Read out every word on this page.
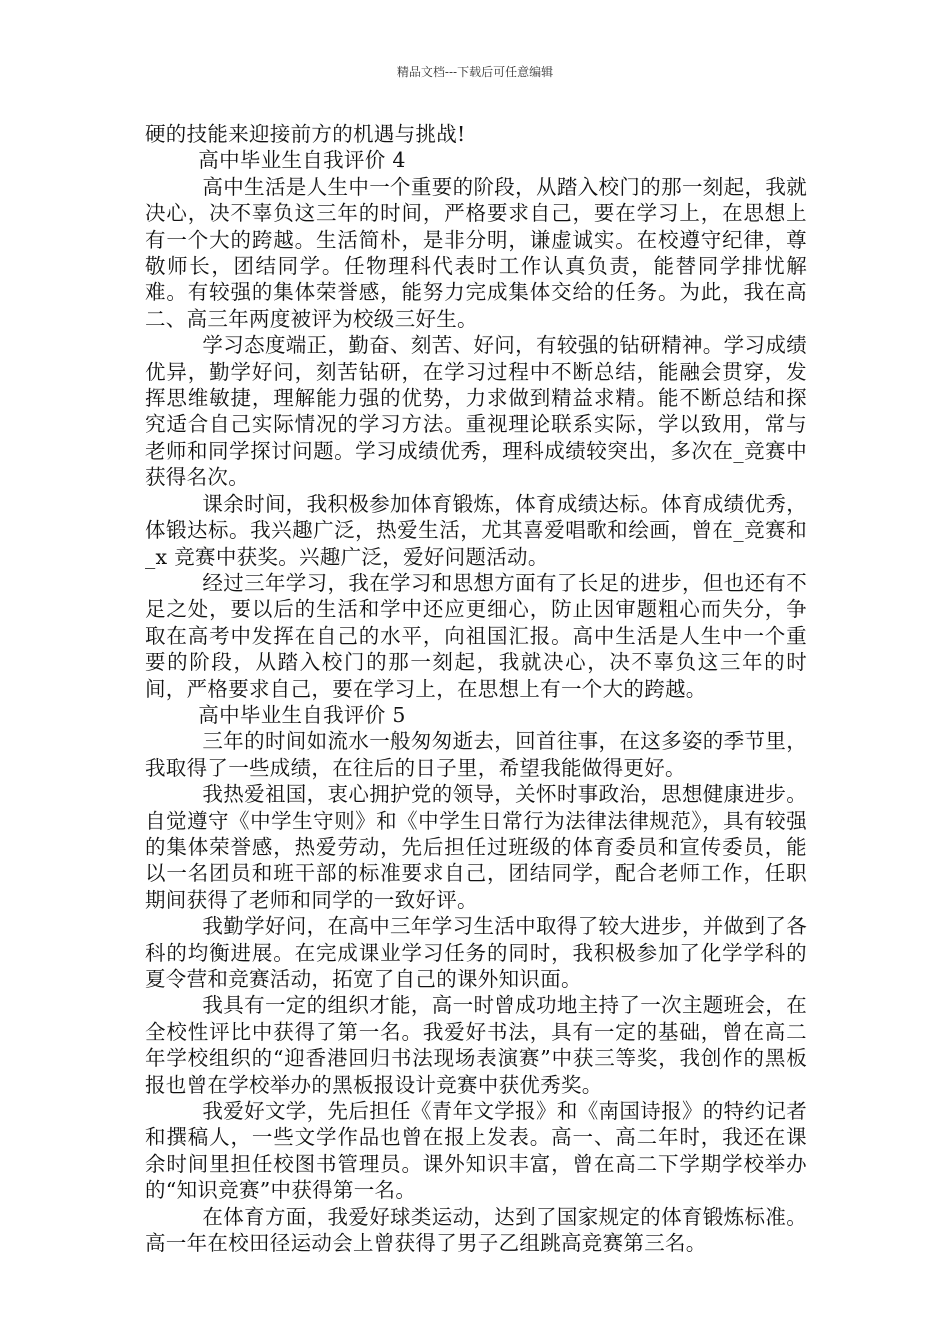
精品文档---下载后可任意编辑

硬的技能来迎接前方的机遇与挑战!

高中毕业生自我评价 4

高中生活是人生中一个重要的阶段，从踏入校门的那一刻起，我就决心，决不辜负这三年的时间，严格要求自己，要在学习上，在思想上有一个大的跨越。生活简朴，是非分明，谦虚诚实。在校遵守纪律，尊敬师长，团结同学。任物理科代表时工作认真负责，能替同学排忧解难。有较强的集体荣誉感，能努力完成集体交给的任务。为此，我在高二、高三年两度被评为校级三好生。

学习态度端正，勤奋、刻苦、好问，有较强的钻研精神。学习成绩优异，勤学好问，刻苦钻研，在学习过程中不断总结，能融会贯穿，发挥思维敏捷，理解能力强的优势，力求做到精益求精。能不断总结和探究适合自己实际情况的学习方法。重视理论联系实际，学以致用，常与老师和同学探讨问题。学习成绩优秀，理科成绩较突出，多次在_竞赛中获得名次。

课余时间，我积极参加体育锻炼，体育成绩达标。体育成绩优秀，体锻达标。我兴趣广泛，热爱生活，尤其喜爱唱歌和绘画，曾在_竞赛和_x 竞赛中获奖。兴趣广泛，爱好问题活动。

经过三年学习，我在学习和思想方面有了长足的进步，但也还有不足之处，要以后的生活和学中还应更细心，防止因审题粗心而失分，争取在高考中发挥在自己的水平，向祖国汇报。高中生活是人生中一个重要的阶段，从踏入校门的那一刻起，我就决心，决不辜负这三年的时间，严格要求自己，要在学习上，在思想上有一个大的跨越。

高中毕业生自我评价 5

三年的时间如流水一般匆匆逝去，回首往事，在这多姿的季节里，我取得了一些成绩，在往后的日子里，希望我能做得更好。

我热爱祖国，衷心拥护党的领导，关怀时事政治，思想健康进步。自觉遵守《中学生守则》和《中学生日常行为法律法律规范》，具有较强的集体荣誉感，热爱劳动，先后担任过班级的体育委员和宣传委员，能以一名团员和班干部的标准要求自己，团结同学，配合老师工作，任职期间获得了老师和同学的一致好评。

我勤学好问，在高中三年学习生活中取得了较大进步，并做到了各科的均衡进展。在完成课业学习任务的同时，我积极参加了化学学科的夏令营和竞赛活动，拓宽了自己的课外知识面。

我具有一定的组织才能，高一时曾成功地主持了一次主题班会，在全校性评比中获得了第一名。我爱好书法，具有一定的基础，曾在高二年学校组织的“迎香港回归书法现场表演赛”中获三等奖，我创作的黑板报也曾在学校举办的黑板报设计竞赛中获优秀奖。

我爱好文学，先后担任《青年文学报》和《南国诗报》的特约记者和撰稿人，一些文学作品也曾在报上发表。高一、高二年时，我还在课余时间里担任校图书管理员。课外知识丰富，曾在高二下学期学校举办的“知识竞赛”中获得第一名。

在体育方面，我爱好球类运动，达到了国家规定的体育锻炼标准。高一年在校田径运动会上曾获得了男子乙组跳高竞赛第三名。
